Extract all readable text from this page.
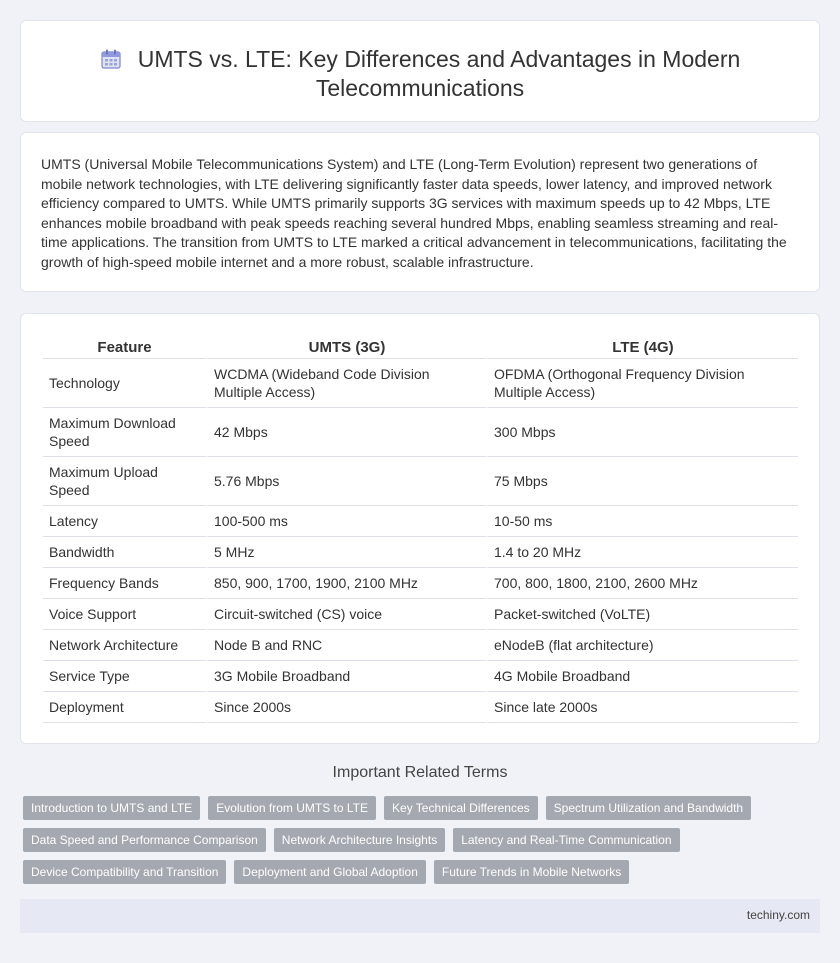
UMTS vs. LTE: Key Differences and Advantages in Modern Telecommunications

UMTS (Universal Mobile Telecommunications System) and LTE (Long-Term Evolution) represent two generations of mobile network technologies, with LTE delivering significantly faster data speeds, lower latency, and improved network efficiency compared to UMTS. While UMTS primarily supports 3G services with maximum speeds up to 42 Mbps, LTE enhances mobile broadband with peak speeds reaching several hundred Mbps, enabling seamless streaming and real-time applications. The transition from UMTS to LTE marked a critical advancement in telecommunications, facilitating the growth of high-speed mobile internet and a more robust, scalable infrastructure.

Feature	UMTS (3G)	LTE (4G)
Technology	WCDMA (Wideband Code Division Multiple Access)	OFDMA (Orthogonal Frequency Division Multiple Access)
Maximum Download Speed	42 Mbps	300 Mbps
Maximum Upload Speed	5.76 Mbps	75 Mbps
Latency	100-500 ms	10-50 ms
Bandwidth	5 MHz	1.4 to 20 MHz
Frequency Bands	850, 900, 1700, 1900, 2100 MHz	700, 800, 1800, 2100, 2600 MHz
Voice Support	Circuit-switched (CS) voice	Packet-switched (VoLTE)
Network Architecture	Node B and RNC	eNodeB (flat architecture)
Service Type	3G Mobile Broadband	4G Mobile Broadband
Deployment	Since 2000s	Since late 2000s
Important Related Terms
Introduction to UMTS and LTE	Evolution from UMTS to LTE	Key Technical Differences	Spectrum Utilization and Bandwidth
Data Speed and Performance Comparison	Network Architecture Insights	Latency and Real-Time Communication
Device Compatibility and Transition	Deployment and Global Adoption	Future Trends in Mobile Networks
techiny.com
